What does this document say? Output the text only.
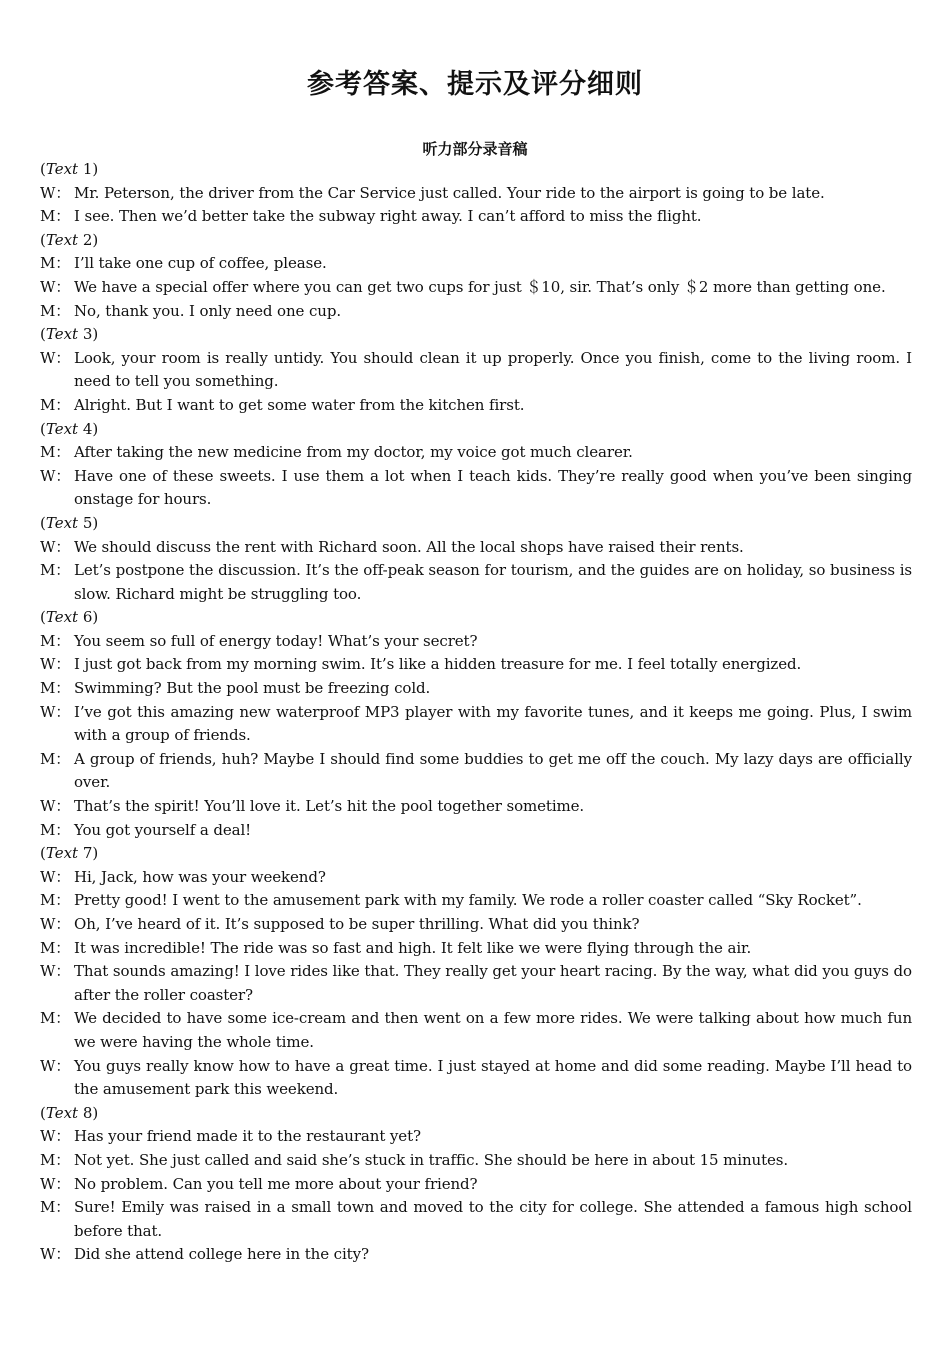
参考答案、提示及评分细则
听力部分录音稿
(Text 1)
W： Mr. Peterson, the driver from the Car Service just called. Your ride to the airport is going to be late.
M： I see. Then we’d better take the subway right away. I can’t afford to miss the flight.
(Text 2)
M： I’ll take one cup of coffee, please.
W： We have a special offer where you can get two cups for just ＄10, sir. That’s only ＄2 more than getting one.
M： No, thank you. I only need one cup.
(Text 3)
W： Look, your room is really untidy. You should clean it up properly. Once you finish, come to the living room. I need to tell you something.
M： Alright. But I want to get some water from the kitchen first.
(Text 4)
M： After taking the new medicine from my doctor, my voice got much clearer.
W： Have one of these sweets. I use them a lot when I teach kids. They’re really good when you’ve been singing onstage for hours.
(Text 5)
W： We should discuss the rent with Richard soon. All the local shops have raised their rents.
M： Let’s postpone the discussion. It’s the off-peak season for tourism, and the guides are on holiday, so business is slow. Richard might be struggling too.
(Text 6)
M： You seem so full of energy today! What’s your secret?
W： I just got back from my morning swim. It’s like a hidden treasure for me. I feel totally energized.
M： Swimming? But the pool must be freezing cold.
W： I’ve got this amazing new waterproof MP3 player with my favorite tunes, and it keeps me going. Plus, I swim with a group of friends.
M： A group of friends, huh? Maybe I should find some buddies to get me off the couch. My lazy days are officially over.
W： That’s the spirit! You’ll love it. Let’s hit the pool together sometime.
M： You got yourself a deal!
(Text 7)
W： Hi, Jack, how was your weekend?
M： Pretty good! I went to the amusement park with my family. We rode a roller coaster called “Sky Rocket”.
W： Oh, I’ve heard of it. It’s supposed to be super thrilling. What did you think?
M： It was incredible! The ride was so fast and high. It felt like we were flying through the air.
W： That sounds amazing! I love rides like that. They really get your heart racing. By the way, what did you guys do after the roller coaster?
M： We decided to have some ice-cream and then went on a few more rides. We were talking about how much fun we were having the whole time.
W： You guys really know how to have a great time. I just stayed at home and did some reading. Maybe I’ll head to the amusement park this weekend.
(Text 8)
W： Has your friend made it to the restaurant yet?
M： Not yet. She just called and said she’s stuck in traffic. She should be here in about 15 minutes.
W： No problem. Can you tell me more about your friend?
M： Sure! Emily was raised in a small town and moved to the city for college. She attended a famous high school before that.
W： Did she attend college here in the city?
